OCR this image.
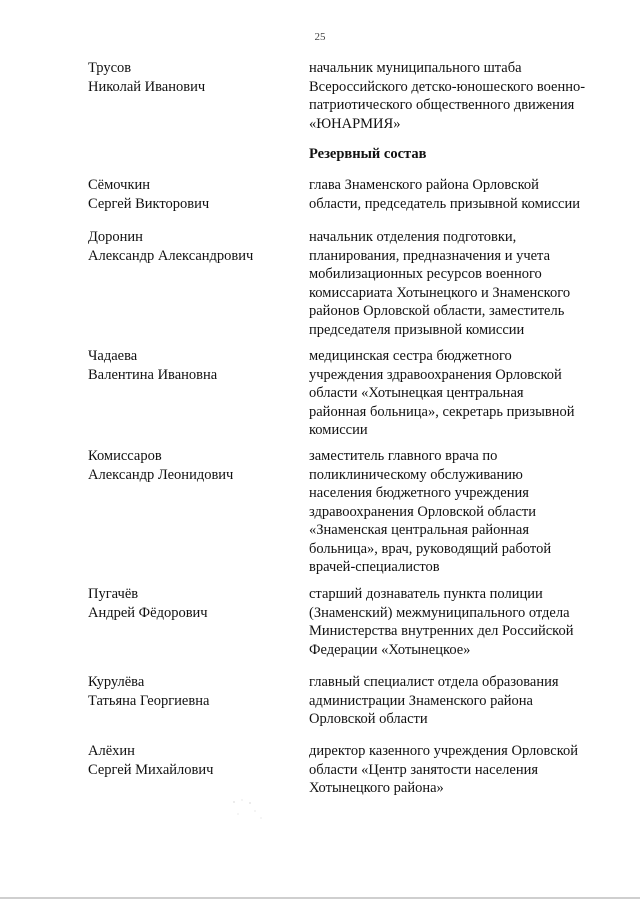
25
Трусов
Николай Иванович
начальник муниципального штаба
Всероссийского детско-юношеского военно-
патриотического общественного движения
«ЮНАРМИЯ»
Резервный состав
Сёмочкин
Сергей Викторович
глава Знаменского района Орловской
области, председатель призывной комиссии
Доронин
Александр Александрович
начальник отделения подготовки,
планирования, предназначения и учета
мобилизационных ресурсов военного
комиссариата Хотынецкого и Знаменского
районов Орловской области, заместитель
председателя призывной комиссии
Чадаева
Валентина Ивановна
медицинская сестра бюджетного
учреждения здравоохранения Орловской
области «Хотынецкая центральная
районная больница», секретарь призывной
комиссии
Комиссаров
Александр Леонидович
заместитель главного врача по
поликлиническому обслуживанию
населения бюджетного учреждения
здравоохранения Орловской области
«Знаменская центральная районная
больница», врач, руководящий работой
врачей-специалистов
Пугачёв
Андрей Фёдорович
старший дознаватель пункта полиции
(Знаменский) межмуниципального отдела
Министерства внутренних дел Российской
Федерации «Хотынецкое»
Курулёва
Татьяна Георгиевна
главный специалист отдела образования
администрации Знаменского района
Орловской области
Алёхин
Сергей Михайлович
директор казенного учреждения Орловской
области «Центр занятости населения
Хотынецкого района»
